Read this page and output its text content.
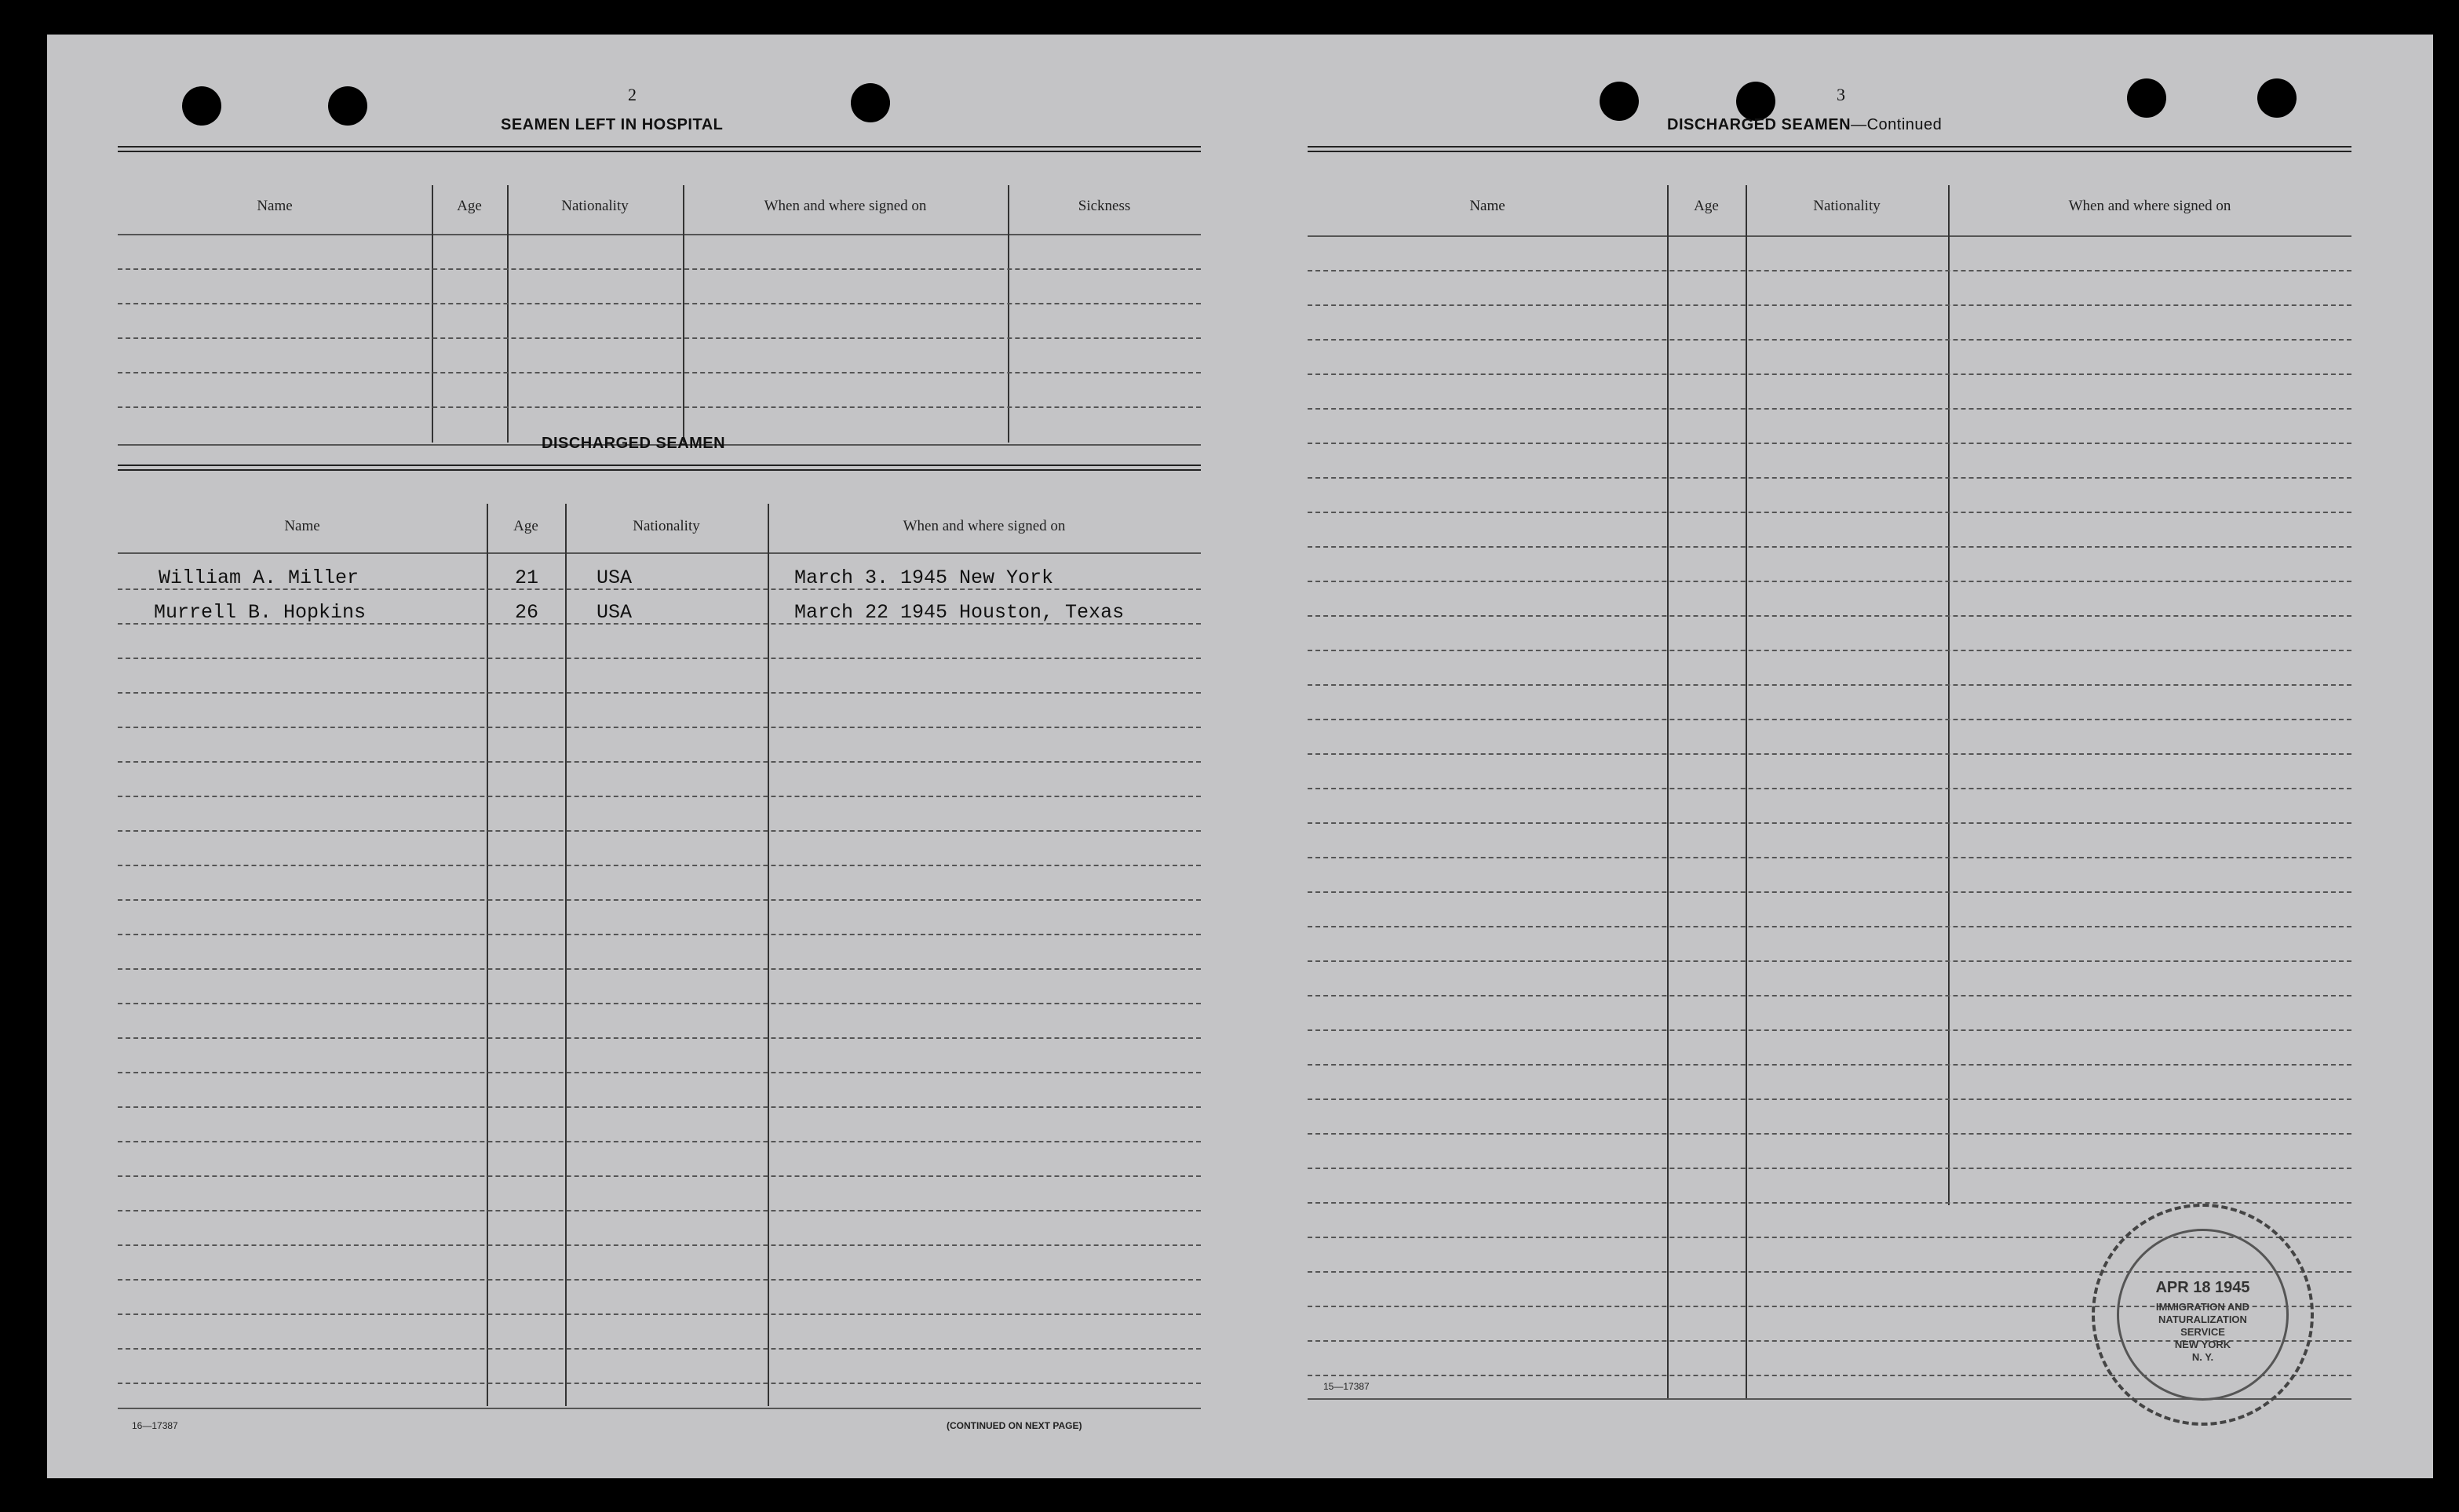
2
SEAMEN LEFT IN HOSPITAL
Name	Age	Nationality	When and where signed on	Sickness
DISCHARGED SEAMEN
Name	Age	Nationality	When and where signed on
William A. Miller	21	USA	March 3. 1945 New York
Murrell B. Hopkins	26	USA	March 22 1945 Houston, Texas
16—17387	(CONTINUED ON NEXT PAGE)
3
DISCHARGED SEAMEN—Continued
Name	Age	Nationality	When and where signed on
15—17387
APR 18 1945
IMMIGRATION AND
NATURALIZATION
SERVICE
NEW YORK
N. Y.
